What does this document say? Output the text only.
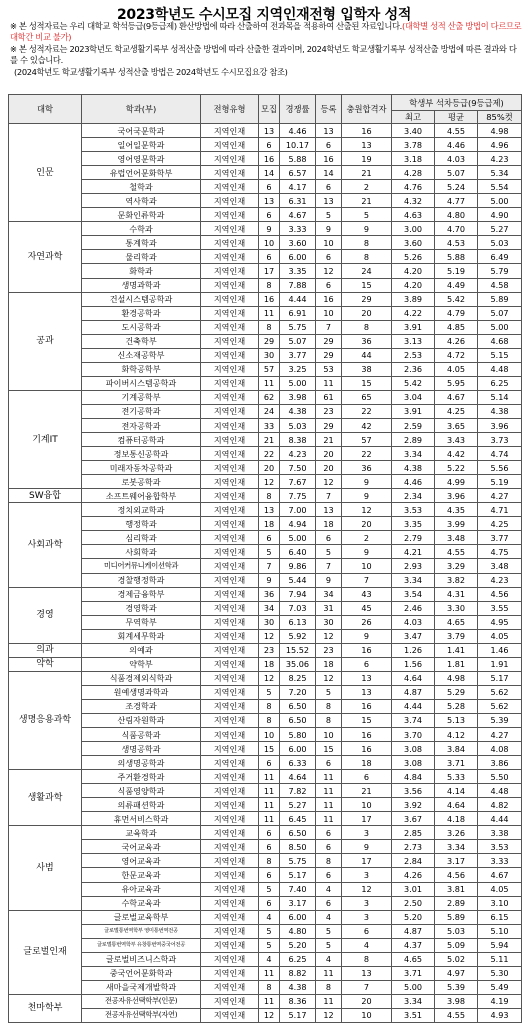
2023학년도 수시모집 지역인재전형 입학자 성적
※ 본 성적자료는 우리 대학교 학석등급(9등급제) 환산방법에 따라 산출하여 전과목을 적용하여 산출된 자료입니다.(대학별 성적 산출 방법이 다르므로 대학간 비교 불가)
※ 본 성적자료는 2023학년도 학교생활기록부 성적산출 방법에 따라 산출한 결과이며, 2024학년도 학교생활기록부 성적산출 방법에 따른 결과와 다를 수 있습니다.
(2024학년도 학교생활기록부 성적산출 방법은 2024학년도 수시모집요강 참조)
대학	학과(부)	전형유형	모집	경쟁률	등록	충원합격자	학생부 석차등급(9등급제)		
							최고	평균	85%컷
인문	국어국문학과	지역인재	13	4.46	13	16	3.40	4.55	4.98
	일어일문학과	지역인재	6	10.17	6	13	3.78	4.46	4.96
	영어영문학과	지역인재	16	5.88	16	19	3.18	4.03	4.23
	유럽언어문화학부	지역인재	14	6.57	14	21	4.28	5.07	5.34
	철학과	지역인재	6	4.17	6	2	4.76	5.24	5.54
	역사학과	지역인재	13	6.31	13	21	4.32	4.77	5.00
	문화인류학과	지역인재	6	4.67	5	5	4.63	4.80	4.90
자연과학	수학과	지역인재	9	3.33	9	9	3.00	4.70	5.27
	통계학과	지역인재	10	3.60	10	8	3.60	4.53	5.03
	물리학과	지역인재	6	6.00	6	8	5.26	5.88	6.49
	화학과	지역인재	17	3.35	12	24	4.20	5.19	5.79
	생명과학과	지역인재	8	7.88	6	15	4.20	4.49	4.58
공과	건설시스템공학과	지역인재	16	4.44	16	29	3.89	5.42	5.89
	환경공학과	지역인재	11	6.91	10	20	4.22	4.79	5.07
	도시공학과	지역인재	8	5.75	7	8	3.91	4.85	5.00
	건축학부	지역인재	29	5.07	29	36	3.13	4.26	4.68
	신소재공학부	지역인재	30	3.77	29	44	2.53	4.72	5.15
	화학공학부	지역인재	57	3.25	53	38	2.36	4.05	4.48
	파이버시스템공학과	지역인재	11	5.00	11	15	5.42	5.95	6.25
기계IT	기계공학부	지역인재	62	3.98	61	65	3.04	4.67	5.14
	전기공학과	지역인재	24	4.38	23	22	3.91	4.25	4.38
	전자공학과	지역인재	33	5.03	29	42	2.59	3.65	3.96
	컴퓨터공학과	지역인재	21	8.38	21	57	2.89	3.43	3.73
	정보통신공학과	지역인재	22	4.23	20	22	3.34	4.42	4.74
	미래자동차공학과	지역인재	20	7.50	20	36	4.38	5.22	5.56
	로봇공학과	지역인재	12	7.67	12	9	4.46	4.99	5.19
SW융합	소프트웨어융합학부	지역인재	8	7.75	7	9	2.34	3.96	4.27
사회과학	정치외교학과	지역인재	13	7.00	13	12	3.53	4.35	4.71
	행정학과	지역인재	18	4.94	18	20	3.35	3.99	4.25
	심리학과	지역인재	6	5.00	6	2	2.79	3.48	3.77
	사회학과	지역인재	5	6.40	5	9	4.21	4.55	4.75
	미디어커뮤니케이션학과	지역인재	7	9.86	7	10	2.93	3.29	3.48
	경찰행정학과	지역인재	9	5.44	9	7	3.34	3.82	4.23
경영	경제금융학부	지역인재	36	7.94	34	43	3.54	4.31	4.56
	경영학과	지역인재	34	7.03	31	45	2.46	3.30	3.55
	무역학부	지역인재	30	6.13	30	26	4.03	4.65	4.95
	회계세무학과	지역인재	12	5.92	12	9	3.47	3.79	4.05
의과	의예과	지역인재	23	15.52	23	16	1.26	1.41	1.46
약학	약학부	지역인재	18	35.06	18	6	1.56	1.81	1.91
생명응용과학	식품경제외식학과	지역인재	12	8.25	12	13	4.64	4.98	5.17
	원예생명과학과	지역인재	5	7.20	5	13	4.87	5.29	5.62
	조경학과	지역인재	8	6.50	8	16	4.44	5.28	5.62
	산림자원학과	지역인재	8	6.50	8	15	3.74	5.13	5.39
	식품공학과	지역인재	10	5.80	10	16	3.70	4.12	4.27
	생명공학과	지역인재	15	6.00	15	16	3.08	3.84	4.08
	의생명공학과	지역인재	6	6.33	6	18	3.08	3.71	3.86
생활과학	주거환경학과	지역인재	11	4.64	11	6	4.84	5.33	5.50
	식품영양학과	지역인재	11	7.82	11	21	3.56	4.14	4.48
	의류패션학과	지역인재	11	5.27	11	10	3.92	4.64	4.82
	휴먼서비스학과	지역인재	11	6.45	11	17	3.67	4.18	4.44
사범	교육학과	지역인재	6	6.50	6	3	2.85	3.26	3.38
	국어교육과	지역인재	6	8.50	6	9	2.73	3.34	3.53
	영어교육과	지역인재	8	5.75	8	17	2.84	3.17	3.33
	한문교육과	지역인재	6	5.17	6	3	4.26	4.56	4.67
	유아교육과	지역인재	5	7.40	4	12	3.01	3.81	4.05
	수학교육과	지역인재	6	3.17	6	3	2.50	2.89	3.10
글로벌인재	글로벌교육학부	지역인재	4	6.00	4	3	5.20	5.89	6.15
	글로벌통번역학부 영미통번역전공	지역인재	5	4.80	5	6	4.87	5.03	5.10
	글로벌통번역학부 유창통번역중국어전공	지역인재	5	5.20	5	4	4.37	5.09	5.94
	글로벌비즈니스학과	지역인재	4	6.25	4	8	4.65	5.02	5.11
	중국언어문화학과	지역인재	11	8.82	11	13	3.71	4.97	5.30
	새마을국제개발학과	지역인재	8	4.38	8	7	5.00	5.39	5.49
천마학부	전공자유선택학부(인문)	지역인재	11	8.36	11	20	3.34	3.98	4.19
	전공자유선택학부(자연)	지역인재	12	5.17	12	10	3.51	4.55	4.93
